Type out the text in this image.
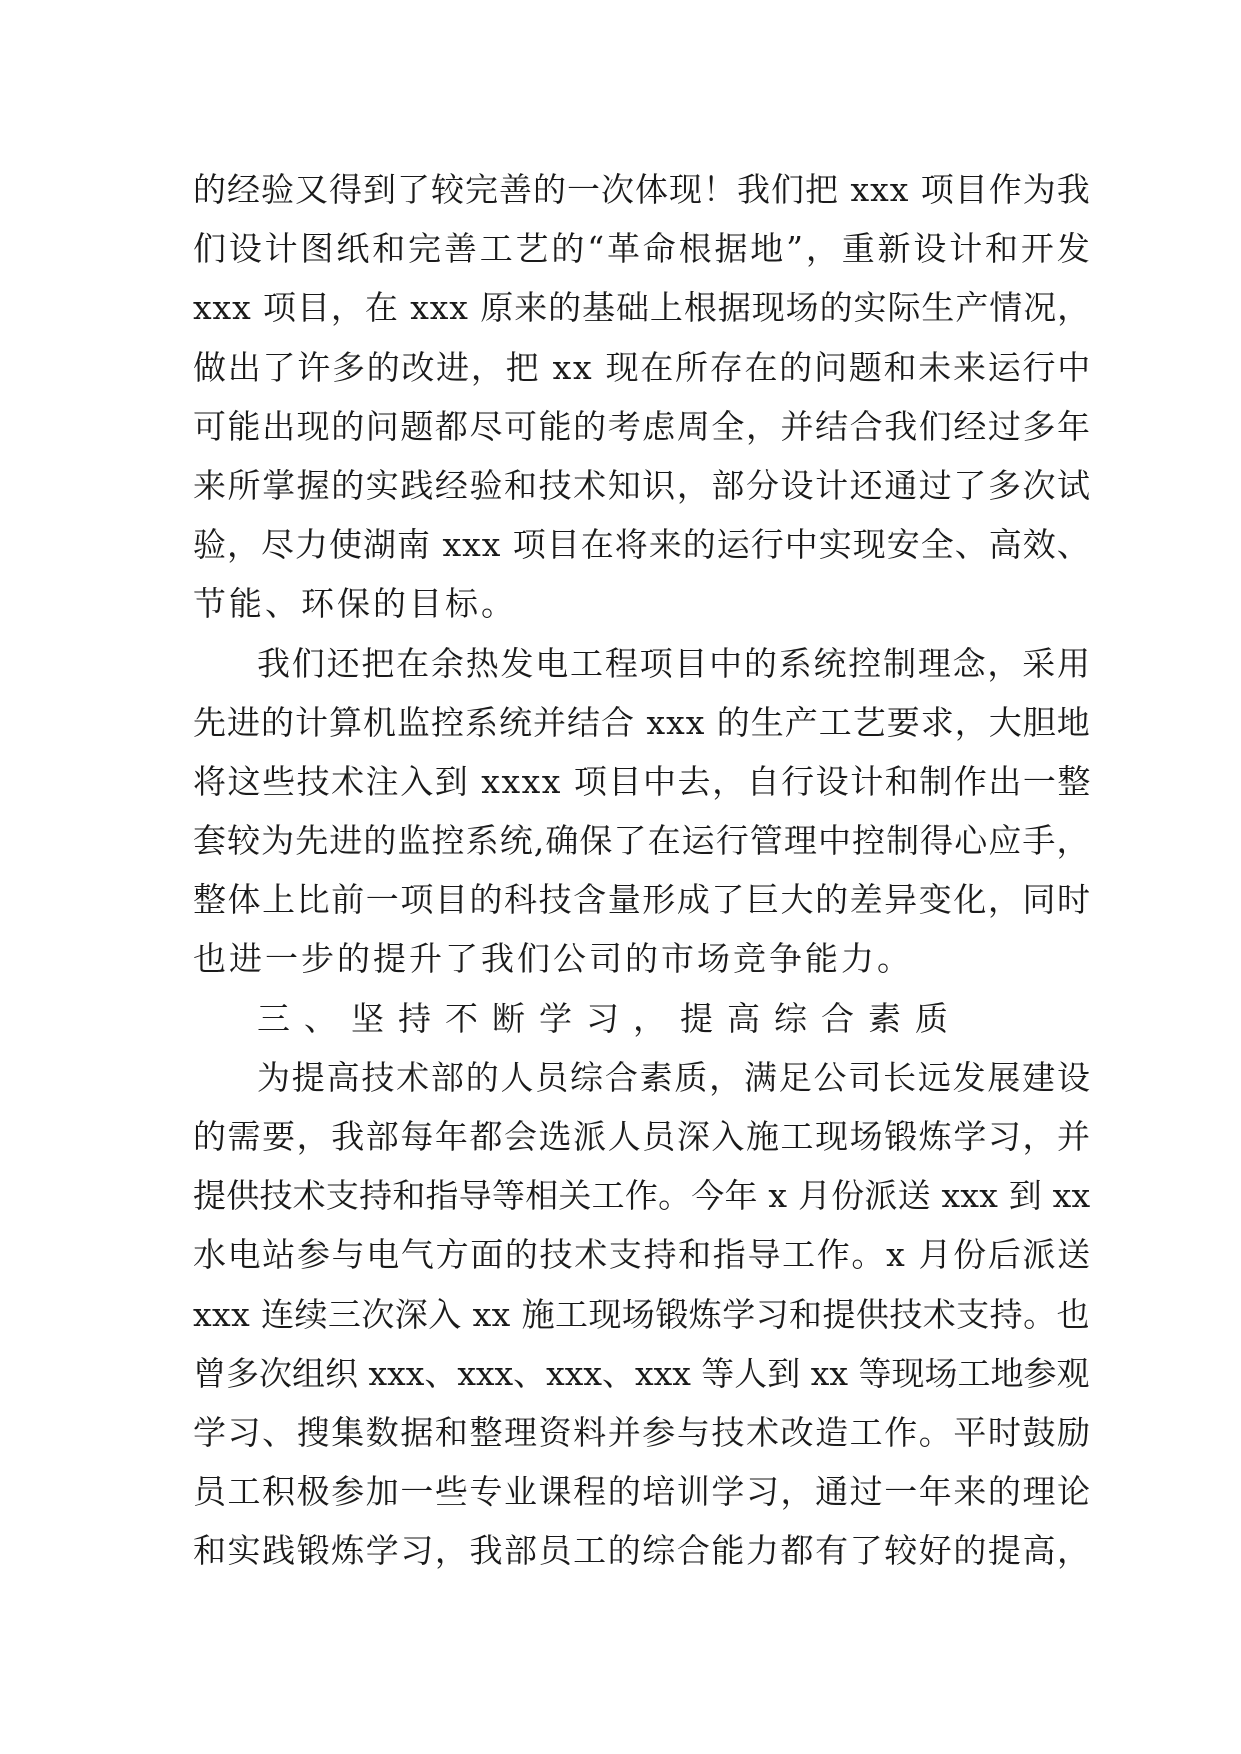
的经验又得到了较完善的一次体现！我们把 xxx 项目作为我
们设计图纸和完善工艺的“革命根据地”，重新设计和开发
xxx 项目，在 xxx 原来的基础上根据现场的实际生产情况，
做出了许多的改进，把 xx 现在所存在的问题和未来运行中
可能出现的问题都尽可能的考虑周全，并结合我们经过多年
来所掌握的实践经验和技术知识，部分设计还通过了多次试
验，尽力使湖南 xxx 项目在将来的运行中实现安全、高效、
节能、环保的目标。
我们还把在余热发电工程项目中的系统控制理念，采用
先进的计算机监控系统并结合 xxx 的生产工艺要求，大胆地
将这些技术注入到 xxxx 项目中去，自行设计和制作出一整
套较为先进的监控系统,确保了在运行管理中控制得心应手，
整体上比前一项目的科技含量形成了巨大的差异变化，同时
也进一步的提升了我们公司的市场竞争能力。
三、坚持不断学习，提高综合素质
为提高技术部的人员综合素质，满足公司长远发展建设
的需要，我部每年都会选派人员深入施工现场锻炼学习，并
提供技术支持和指导等相关工作。今年 x 月份派送 xxx 到 xx
水电站参与电气方面的技术支持和指导工作。x 月份后派送
xxx 连续三次深入 xx 施工现场锻炼学习和提供技术支持。也
曾多次组织 xxx、xxx、xxx、xxx 等人到 xx 等现场工地参观
学习、搜集数据和整理资料并参与技术改造工作。平时鼓励
员工积极参加一些专业课程的培训学习，通过一年来的理论
和实践锻炼学习，我部员工的综合能力都有了较好的提高，
